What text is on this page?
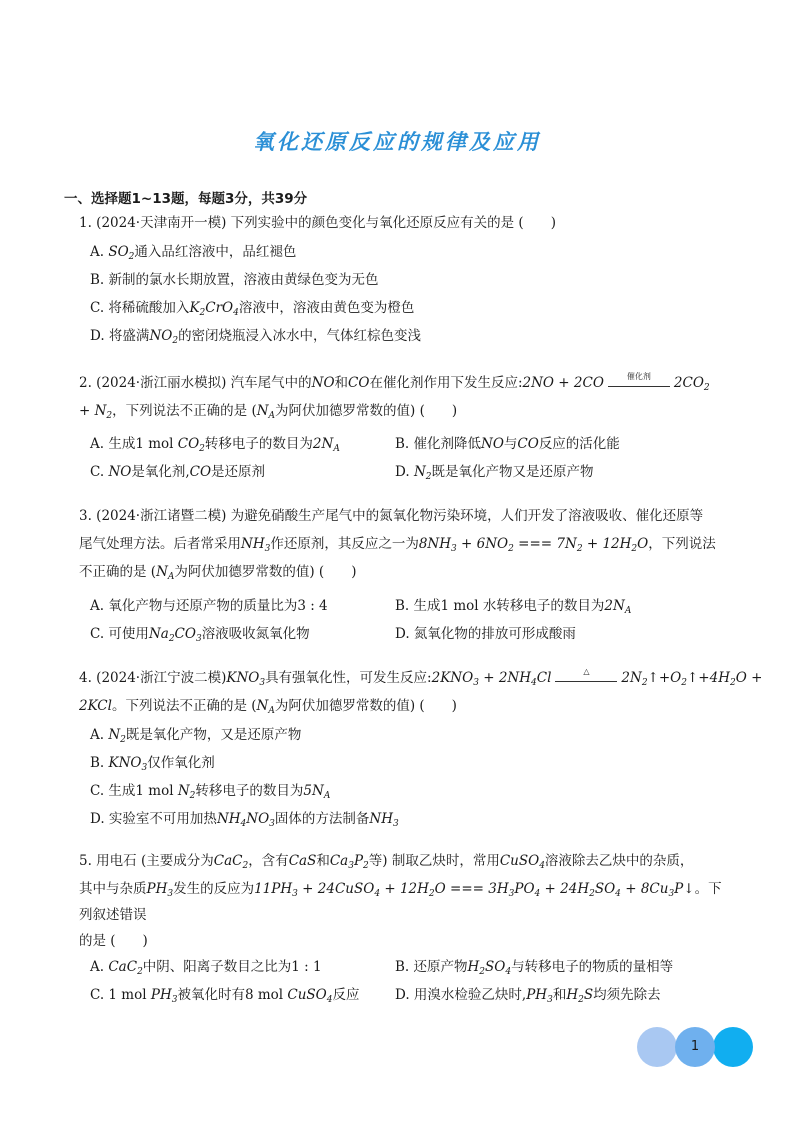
氧化还原反应的规律及应用
一、选择题1~13题，每题3分，共39分
1. (2024·天津南开一模) 下列实验中的颜色变化与氧化还原反应有关的是 (　　)
A. $SO_2$通入品红溶液中，品红褪色
B. 新制的氯水长期放置，溶液由黄绿色变为无色
C. 将稀硫酸加入$K_2CrO_4$溶液中，溶液由黄色变为橙色
D. 将盛满$NO_2$的密闭烧瓶浸入冰水中，气体红棕色变浅
2. (2024·浙江丽水模拟) 汽车尾气中的NO和CO在催化剂作用下发生反应:2NO + 2CO	催化剂	$2CO_2$
+ $N_2$，下列说法不正确的是 ($N_A$为阿伏加德罗常数的值) (　　)
A. 生成1 mol $CO_2$转移电子的数目为$2N_A$	B. 催化剂降低NO与CO反应的活化能
C. NO是氧化剂,CO是还原剂	D. $N_2$既是氧化产物又是还原产物
3. (2024·浙江诸暨二模) 为避免硝酸生产尾气中的氮氧化物污染环境，人们开发了溶液吸收、催化还原等
尾气处理方法。后者常采用$NH_3$作还原剂，其反应之一为$8NH_3 + 6NO_2$ === $7N_2 + 12H_2O$，下列说法
不正确的是 ($N_A$为阿伏加德罗常数的值) (　　)
A. 氧化产物与还原产物的质量比为3 : 4	B. 生成1 mol 水转移电子的数目为$2N_A$
C. 可使用$Na_2CO_3$溶液吸收氮氧化物	D. 氮氧化物的排放可形成酸雨
4. (2024·浙江宁波二模)$KNO_3$具有强氧化性，可发生反应$:2KNO_3 + 2NH_4Cl$	△	$2N_2↑+O_2↑+4H_2O$ +
2KCl。下列说法不正确的是 ($N_A$为阿伏加德罗常数的值) (　　)
A. $N_2$既是氧化产物，又是还原产物
B. $KNO_3$仅作氧化剂
C. 生成1 mol $N_2$转移电子的数目为$5N_A$
D. 实验室不可用加热$NH_4NO_3$固体的方法制备$NH_3$
5. 用电石 (主要成分为CaC$_2$，含有CaS和$Ca_3P_2$等) 制取乙炔时，常用CuSO$_4$溶液除去乙炔中的杂质，
其中与杂质$PH_3$发生的反应为$11PH_3$ + 24CuSO$_4$ + $12H_2O$ === $3H_3PO_4 + 24H_2SO_4$ + $8Cu_3P↓$。下
列叙述错误
的是 (　　)
A. CaC$_2$中阴、阳离子数目之比为1 : 1	B. 还原产物$H_2SO_4$与转移电子的物质的量相等
C. 1 mol $PH_3$被氧化时有8 mol CuSO$_4$反应	D. 用溴水检验乙炔时$,PH_3$和$H_2S$均须先除去
1
